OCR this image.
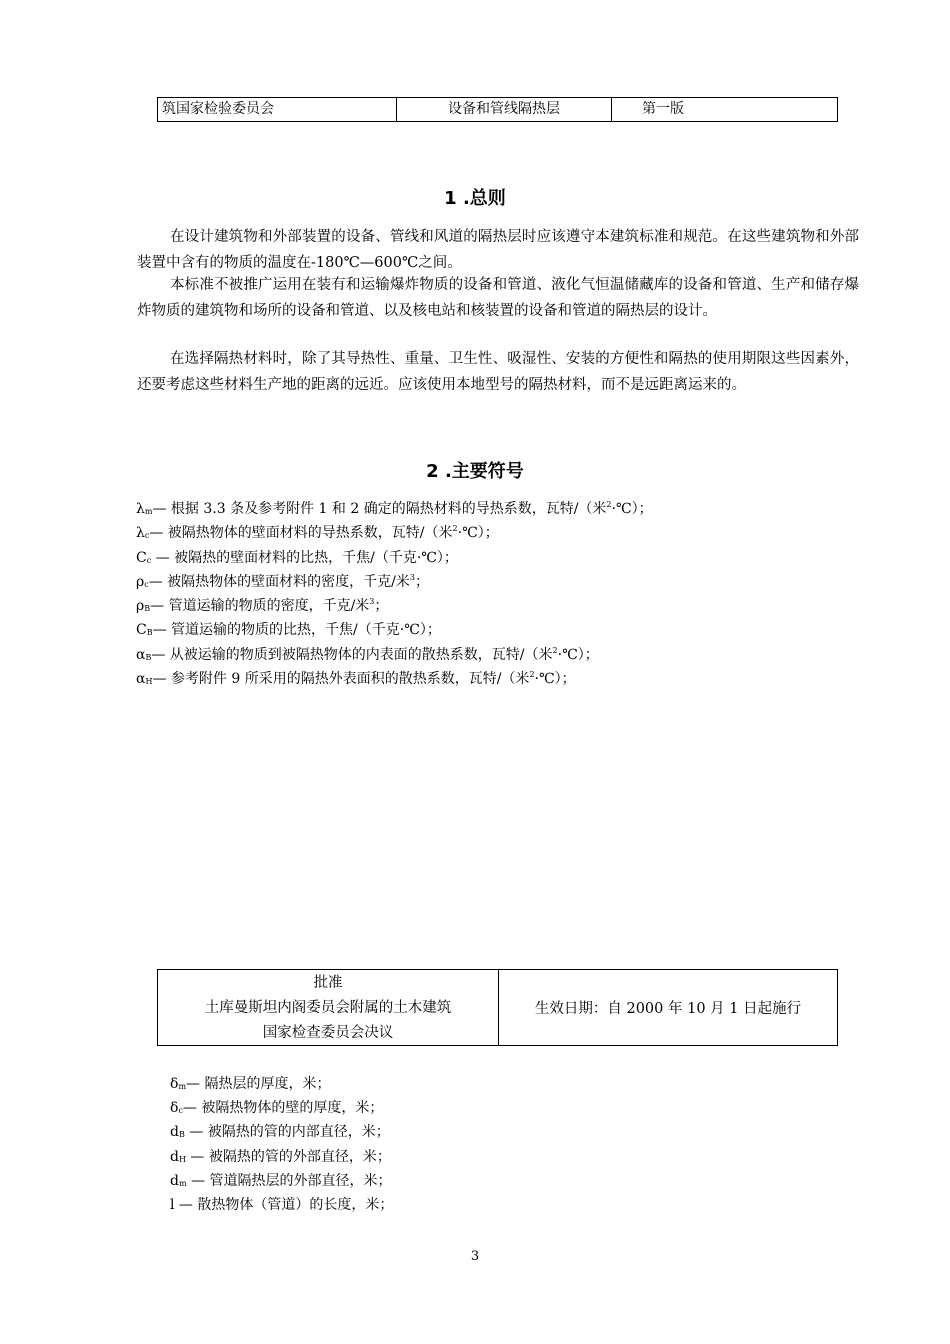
筑国家检验委员会	设备和管线隔热层	第一版
1 .总则

在设计建筑物和外部装置的设备、管线和风道的隔热层时应该遵守本建筑标准和规范。在这些建筑物和外部装置中含有的物质的温度在-180℃—600℃之间。

本标准不被推广运用在装有和运输爆炸物质的设备和管道、液化气恒温储藏库的设备和管道、生产和储存爆炸物质的建筑物和场所的设备和管道、以及核电站和核装置的设备和管道的隔热层的设计。

在选择隔热材料时，除了其导热性、重量、卫生性、吸湿性、安装的方便性和隔热的使用期限这些因素外，还要考虑这些材料生产地的距离的远近。应该使用本地型号的隔热材料，而不是远距离运来的。

2 .主要符号
$\lambda_m—$ 根据 3.3 条及参考附件 1 和 2 确定的隔热材料的导热系数，瓦特/（米$^2$·℃）；
$\lambda_c—$ 被隔热物体的壁面材料的导热系数，瓦特/（米$^2$·℃）；
$C_c$ — 被隔热的壁面材料的比热，千焦/（千克·℃）；
$\rho_c—$ 被隔热物体的壁面材料的密度，千克/米$^3$；
$\rho_B—$ 管道运输的物质的密度，千克/米$^3$；
$C_B—$ 管道运输的物质的比热，千焦/（千克·℃）；
$\alpha_B—$ 从被运输的物质到被隔热物体的内表面的散热系数，瓦特/（米$^2$·℃）；
$\alpha_H—$ 参考附件 9 所采用的隔热外表面积的散热系数，瓦特/（米$^2$·℃）；
批准
土库曼斯坦内阁委员会附属的土木建筑
国家检查委员会决议
生效日期：自 2000 年 10 月 1 日起施行
$\delta_m—$ 隔热层的厚度，米；
$\delta_c—$ 被隔热物体的壁的厚度，米；
$d_B$ — 被隔热的管的内部直径，米；
$d_H$ — 被隔热的管的外部直径，米；
$d_m$ — 管道隔热层的外部直径，米；
l — 散热物体（管道）的长度，米；
3
